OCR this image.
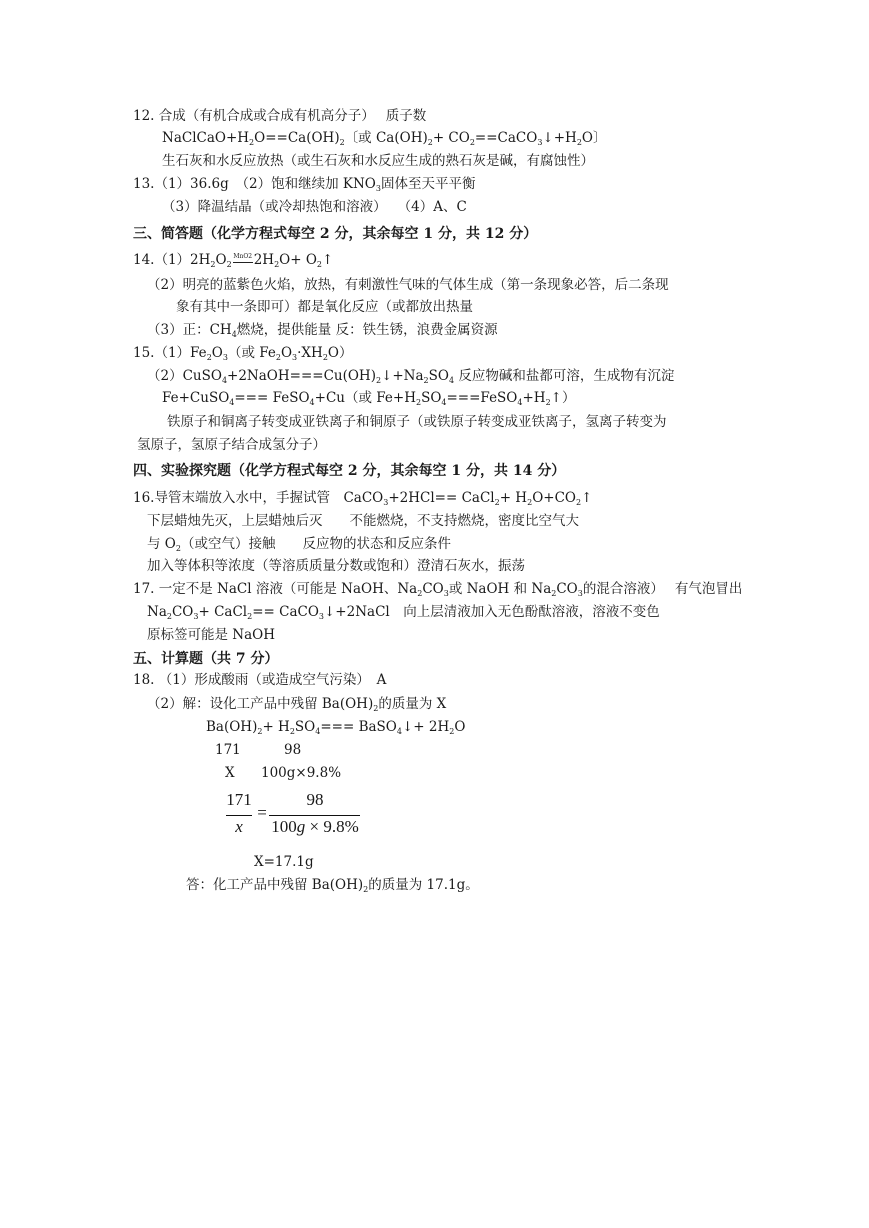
12. 合成（有机合成或合成有机高分子）　 质子数
$NaClCaO+H_2O==Ca(OH)_2$〔或 $Ca(OH)_2+$ $CO_2==CaCO_3↓+H_2O$〕
生石灰和水反应放热（或生石灰和水反应生成的熟石灰是碱，有腐蚀性）
13.（1）36.6g　（2）饱和继续加 $KNO_3$固体至天平平衡
（3）降温结晶（或冷却热饱和溶液）　 （4）A、C
三、简答题（化学方程式每空 2 分，其余每空 1 分，共 12 分）
$14.(1)2H_2O_2$
MnO2 $2H_2O+$ $O_2↑$
（2）明亮的蓝紫色火焰，放热，有刺激性气味的气体生成（第一条现象必答，后二条现
象有其中一条即可）都是氧化反应（或都放出热量
（3）正：$CH_4$燃烧，提供能量 反：铁生锈，浪费金属资源
$15.(1)Fe_2O_3$（或 $Fe_2O_3\cdot XH_2O$）
$(2)CuSO_4+2NaOH===Cu(OH)_2↓+Na_2SO_4$ 反应物碱和盐都可溶，生成物有沉淀
Fe+CuSO$_4$=== FeSO$_4$+Cu（或 $Fe+H_2SO_4===FeSO_4+H_2↑$）
铁原子和铜离子转变成亚铁离子和铜原子（或铁原子转变成亚铁离子，氢离子转变为
氢原子，氢原子结合成氢分子）
四、实验探究题（化学方程式每空 2 分，其余每空 1 分，共 14 分）
16.导管末端放入水中，手握试管　CaCO$_3$+2HCl== CaCl$_2$+ $H_2O+CO_2↑$
下层蜡烛先灭，上层蜡烛后灭　　不能燃烧，不支持燃烧，密度比空气大
与 $O_2$（或空气）接触　　反应物的状态和反应条件
加入等体积等浓度（等溶质质量分数或饱和）澄清石灰水，振荡
17. 一定不是 NaCl 溶液（可能是 NaOH、$Na_2CO_3$或 NaOH 和 $Na_2CO_3$的混合溶液）　 有气泡冒出
$Na_2CO_3+$ CaCl$_2$== CaCO$_3$↓+2NaCl　向上层清液加入无色酚酞溶液，溶液不变色
原标签可能是 NaOH
五、计算题（共 7 分）
18. （1）形成酸雨（或造成空气污染）　A
（2）解：设化工产品中残留 $Ba(OH)_2$的质量为 X
$Ba(OH)_2+ H_2SO_4===$ BaSO$_4$↓+ $2H_2O$
171	98
X 100g×9.8%
171
x
=
98
100g × 9.8%
X=17.1g
答：化工产品中残留 $Ba(OH)_2$的质量为 17.1g。
